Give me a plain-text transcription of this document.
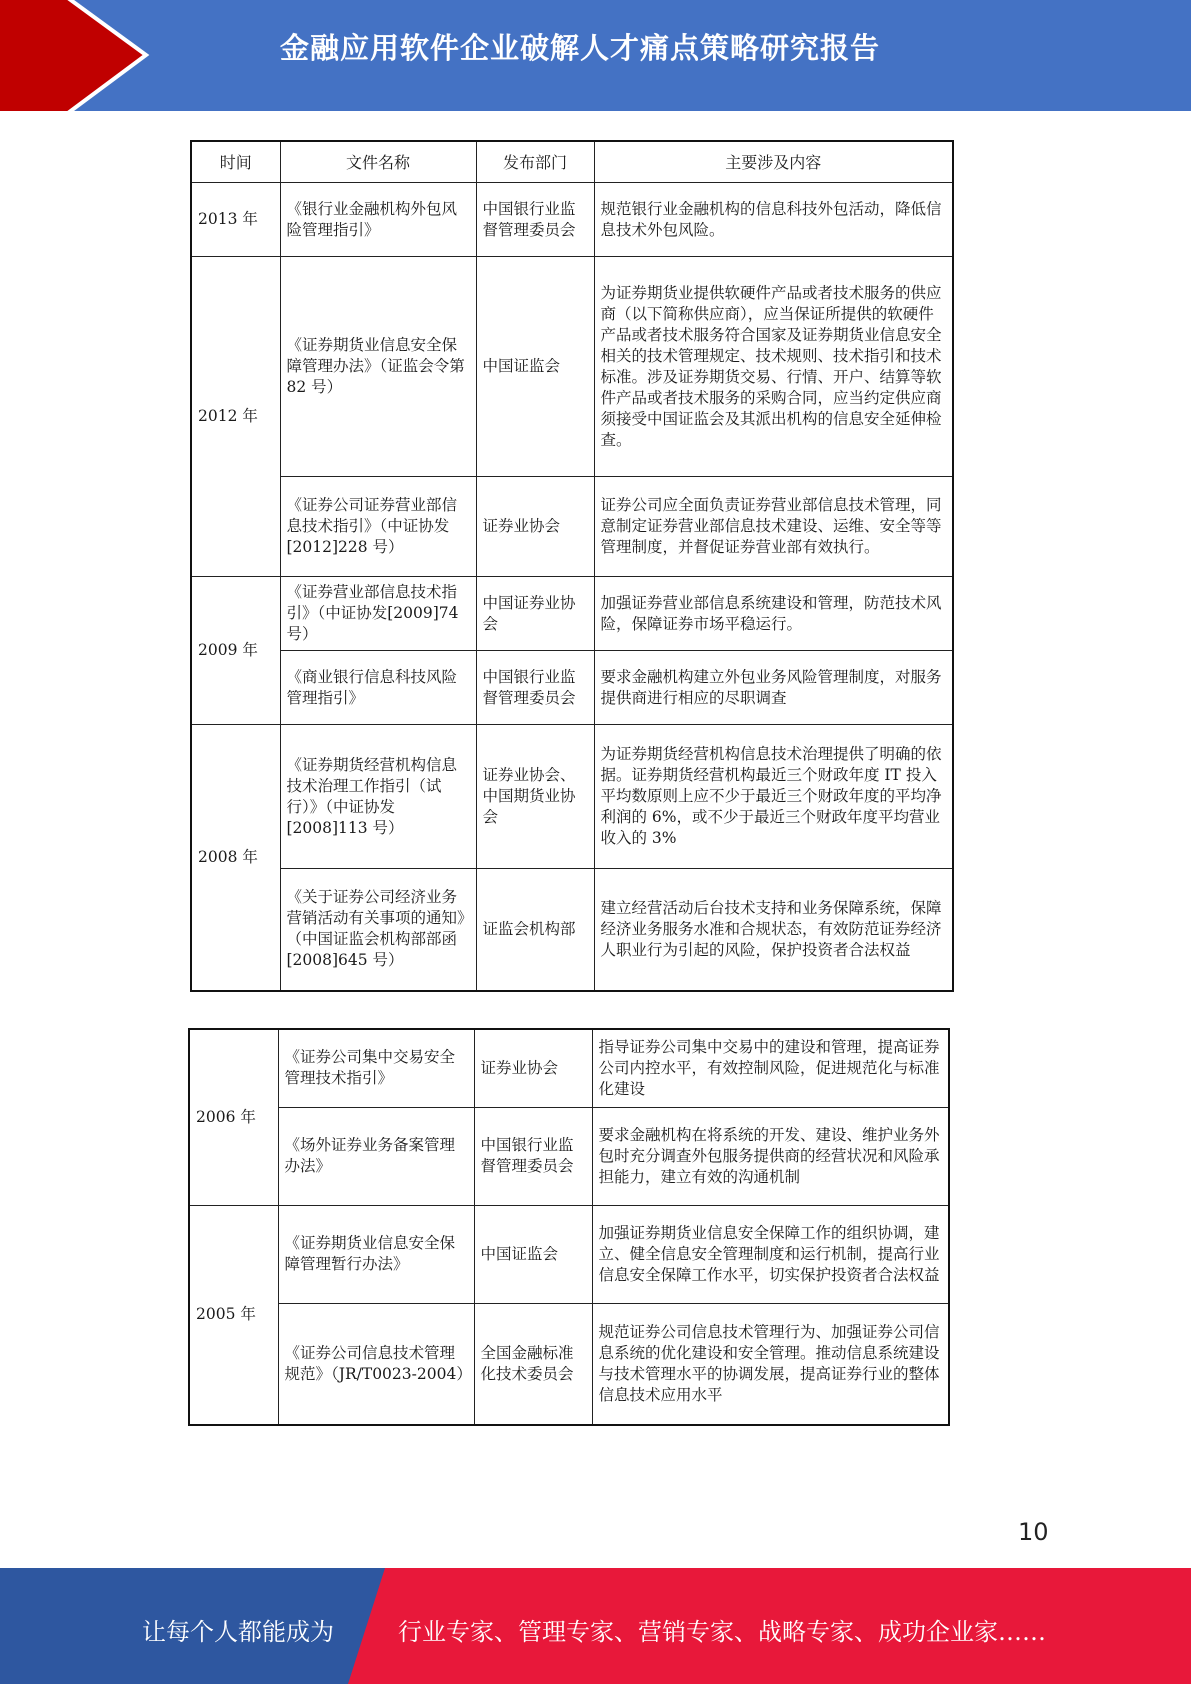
金融应用软件企业破解人才痛点策略研究报告
时间	文件名称	发布部门	主要涉及内容
2013 年	《银行业金融机构外包风险管理指引》	中国银行业监督管理委员会	规范银行业金融机构的信息科技外包活动，降低信息技术外包风险。
2012 年	《证券期货业信息安全保障管理办法》（证监会令第 82 号）	中国证监会	为证券期货业提供软硬件产品或者技术服务的供应商（以下简称供应商），应当保证所提供的软硬件产品或者技术服务符合国家及证券期货业信息安全相关的技术管理规定、技术规则、技术指引和技术标准。涉及证券期货交易、行情、开户、结算等软件产品或者技术服务的采购合同，应当约定供应商须接受中国证监会及其派出机构的信息安全延伸检查。
	《证券公司证券营业部信息技术指引》（中证协发[2012]228 号）	证券业协会	证券公司应全面负责证券营业部信息技术管理，同意制定证券营业部信息技术建设、运维、安全等等管理制度，并督促证券营业部有效执行。
2009 年	《证券营业部信息技术指引》（中证协发[2009]74 号）	中国证券业协会	加强证券营业部信息系统建设和管理，防范技术风险，保障证券市场平稳运行。
	《商业银行信息科技风险管理指引》	中国银行业监督管理委员会	要求金融机构建立外包业务风险管理制度，对服务提供商进行相应的尽职调查
2008 年	《证券期货经营机构信息技术治理工作指引（试行）》（中证协发[2008]113 号）	证券业协会、中国期货业协会	为证券期货经营机构信息技术治理提供了明确的依据。证券期货经营机构最近三个财政年度 IT 投入平均数原则上应不少于最近三个财政年度的平均净利润的 6%，或不少于最近三个财政年度平均营业收入的 3%
	《关于证券公司经济业务营销活动有关事项的通知》（中国证监会机构部部函[2008]645 号）	证监会机构部	建立经营活动后台技术支持和业务保障系统，保障经济业务服务水准和合规状态，有效防范证券经济人职业行为引起的风险，保护投资者合法权益
2006 年	《证券公司集中交易安全管理技术指引》	证券业协会	指导证券公司集中交易中的建设和管理，提高证券公司内控水平，有效控制风险，促进规范化与标准化建设
	《场外证券业务备案管理办法》	中国银行业监督管理委员会	要求金融机构在将系统的开发、建设、维护业务外包时充分调查外包服务提供商的经营状况和风险承担能力，建立有效的沟通机制
2005 年	《证券期货业信息安全保障管理暂行办法》	中国证监会	加强证券期货业信息安全保障工作的组织协调，建立、健全信息安全管理制度和运行机制，提高行业信息安全保障工作水平，切实保护投资者合法权益
	《证券公司信息技术管理规范》（JR/T0023-2004）	全国金融标准化技术委员会	规范证券公司信息技术管理行为、加强证券公司信息系统的优化建设和安全管理。推动信息系统建设与技术管理水平的协调发展，提高证券行业的整体信息技术应用水平
10
让每个人都能成为	行业专家、管理专家、营销专家、战略专家、成功企业家……
